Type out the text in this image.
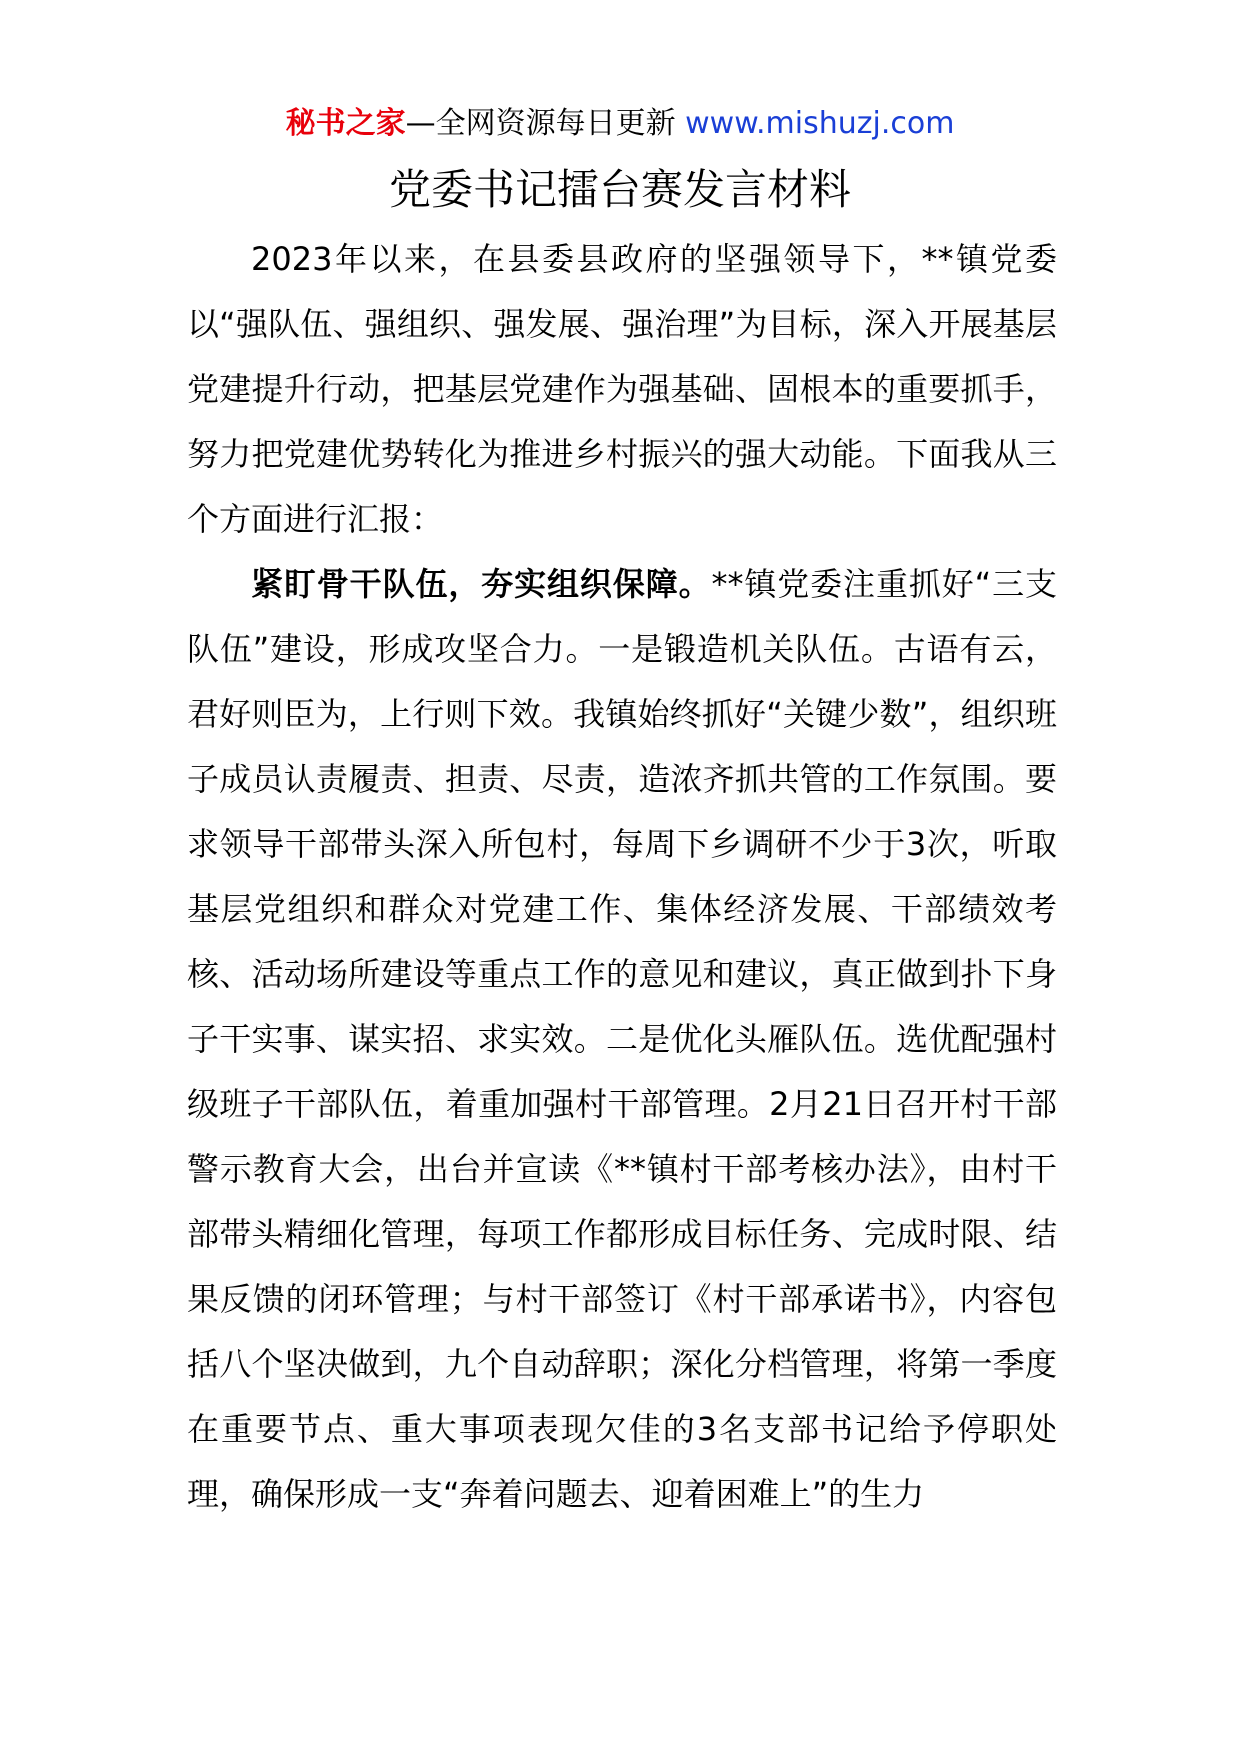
秘书之家—全网资源每日更新 www.mishuzj.com
党委书记擂台赛发言材料

2023年以来，在县委县政府的坚强领导下，**镇党委以“强队伍、强组织、强发展、强治理”为目标，深入开展基层党建提升行动，把基层党建作为强基础、固根本的重要抓手，努力把党建优势转化为推进乡村振兴的强大动能。下面我从三个方面进行汇报：

紧盯骨干队伍，夯实组织保障。**镇党委注重抓好“三支队伍”建设，形成攻坚合力。一是锻造机关队伍。古语有云，君好则臣为，上行则下效。我镇始终抓好“关键少数”，组织班子成员认责履责、担责、尽责，造浓齐抓共管的工作氛围。要求领导干部带头深入所包村，每周下乡调研不少于3次，听取基层党组织和群众对党建工作、集体经济发展、干部绩效考核、活动场所建设等重点工作的意见和建议，真正做到扑下身子干实事、谋实招、求实效。二是优化头雁队伍。选优配强村级班子干部队伍，着重加强村干部管理。2月21日召开村干部警示教育大会，出台并宣读《**镇村干部考核办法》，由村干部带头精细化管理，每项工作都形成目标任务、完成时限、结果反馈的闭环管理；与村干部签订《村干部承诺书》，内容包括八个坚决做到，九个自动辞职；深化分档管理，将第一季度在重要节点、重大事项表现欠佳的3名支部书记给予停职处理，确保形成一支“奔着问题去、迎着困难上”的生力
